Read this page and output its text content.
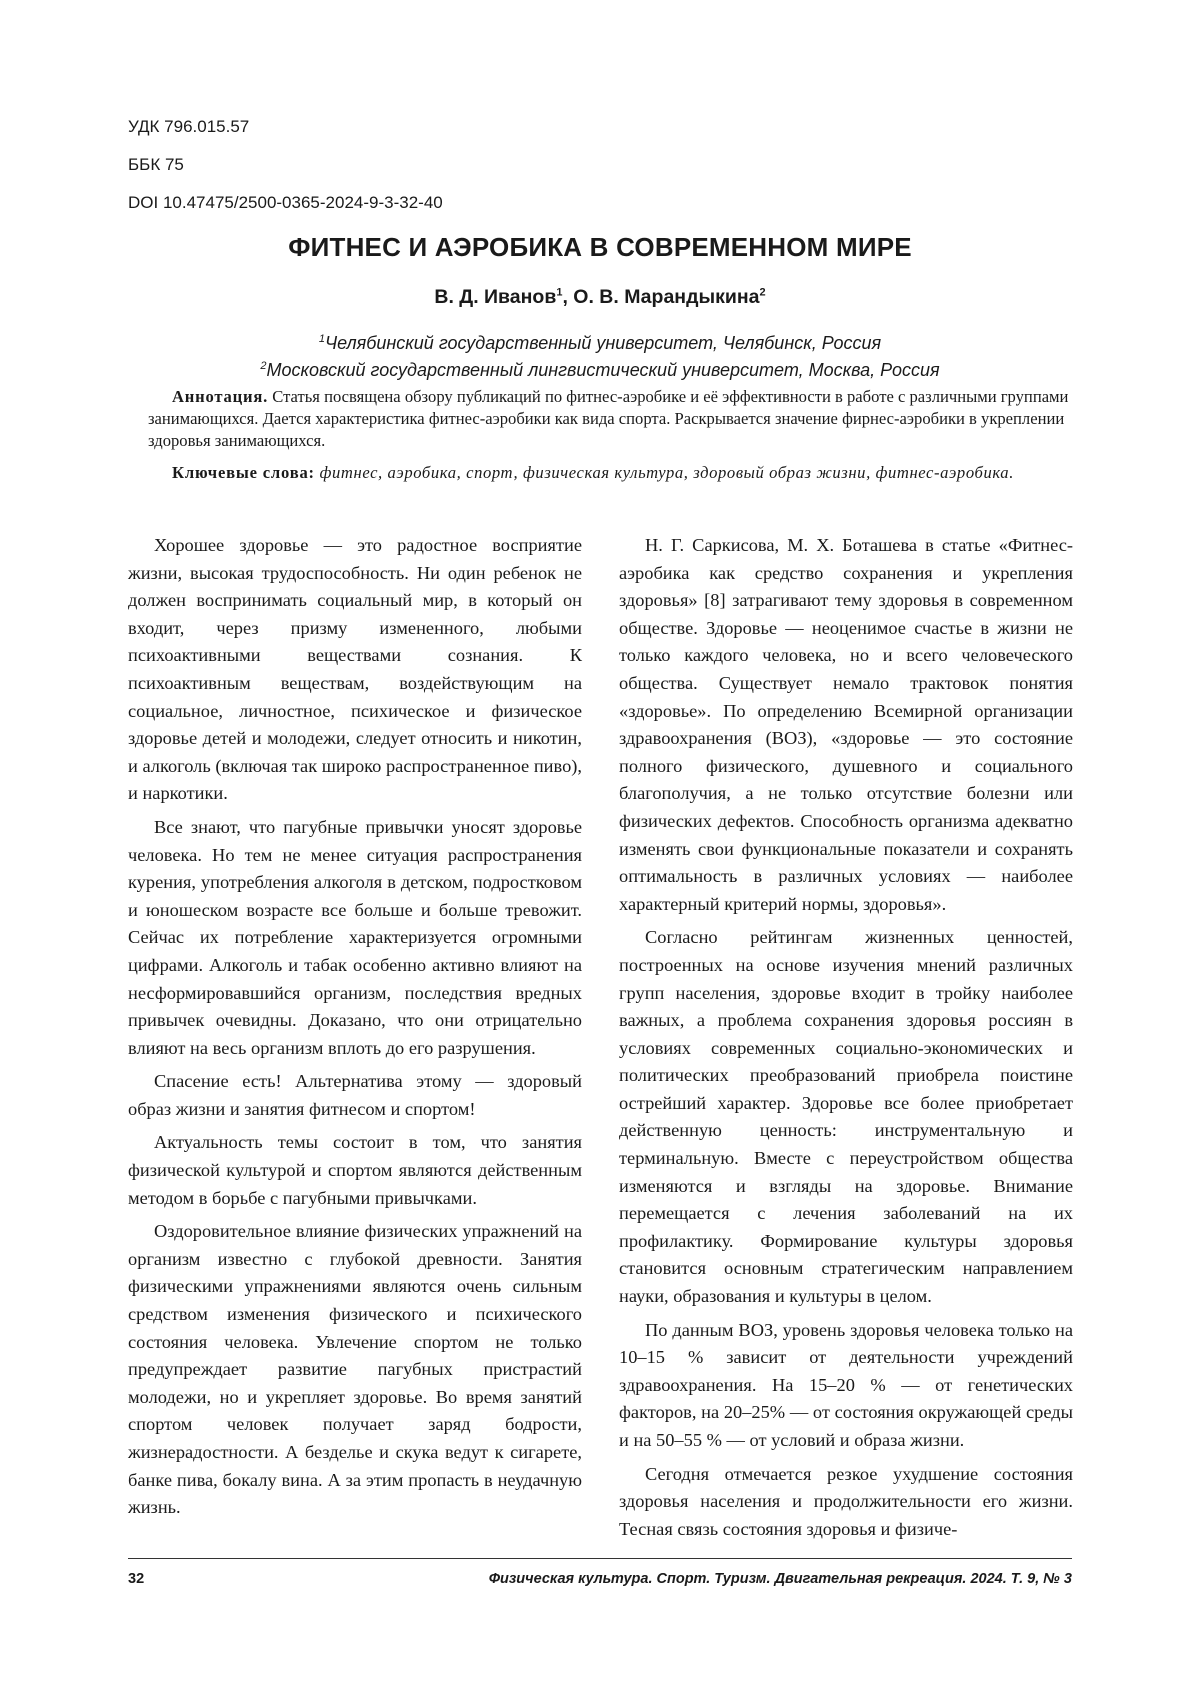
УДК 796.015.57
ББК 75
DOI 10.47475/2500-0365-2024-9-3-32-40
ФИТНЕС И АЭРОБИКА В СОВРЕМЕННОМ МИРЕ
В. Д. Иванов$^1$, О. В. Марандыкина$^2$
$^1$Челябинский государственный университет, Челябинск, Россия
$^2$Московский государственный лингвистический университет, Москва, Россия

Аннотация. Статья посвящена обзору публикаций по фитнес-аэробике и её эффективности в работе с различными группами занимающихся. Дается характеристика фитнес-аэробики как вида спорта. Раскрывается значение фирнес-аэробики в укреплении здоровья занимающихся.

Ключевые слова: фитнес, аэробика, спорт, физическая культура, здоровый образ жизни, фитнес-аэробика.

Хорошее здоровье — это радостное восприятие жизни, высокая трудоспособность. Ни один ребенок не должен воспринимать социальный мир, в который он входит, через призму измененного, любыми психоактивными веществами сознания. К психоактивным веществам, воздействующим на социальное, личностное, психическое и физическое здоровье детей и молодежи, следует относить и никотин, и алкоголь (включая так широко распространенное пиво), и наркотики.

Все знают, что пагубные привычки уносят здоровье человека. Но тем не менее ситуация распространения курения, употребления алкоголя в детском, подростковом и юношеском возрасте все больше и больше тревожит. Сейчас их потребление характеризуется огромными цифрами. Алкоголь и табак особенно активно влияют на несформировавшийся организм, последствия вредных привычек очевидны. Доказано, что они отрицательно влияют на весь организм вплоть до его разрушения.

Спасение есть! Альтернатива этому — здоровый образ жизни и занятия фитнесом и спортом!

Актуальность темы состоит в том, что занятия физической культурой и спортом являются действенным методом в борьбе с пагубными привычками.

Оздоровительное влияние физических упражнений на организм известно с глубокой древности. Занятия физическими упражнениями являются очень сильным средством изменения физического и психического состояния человека. Увлечение спортом не только предупреждает развитие пагубных пристрастий молодежи, но и укрепляет здоровье. Во время занятий спортом человек получает заряд бодрости, жизнерадостности. А безделье и скука ведут к сигарете, банке пива, бокалу вина. А за этим пропасть в неудачную жизнь.

Н. Г. Саркисова, М. Х. Боташева в статье «Фитнес-аэробика как средство сохранения и укрепления здоровья» [8] затрагивают тему здоровья в современном обществе. Здоровье — неоценимое счастье в жизни не только каждого человека, но и всего человеческого общества. Существует немало трактовок понятия «здоровье». По определению Всемирной организации здравоохранения (ВОЗ), «здоровье — это состояние полного физического, душевного и социального благополучия, а не только отсутствие болезни или физических дефектов. Способность организма адекватно изменять свои функциональные показатели и сохранять оптимальность в различных условиях — наиболее характерный критерий нормы, здоровья».

Согласно рейтингам жизненных ценностей, построенных на основе изучения мнений различных групп населения, здоровье входит в тройку наиболее важных, а проблема сохранения здоровья россиян в условиях современных социально-экономических и политических преобразований приобрела поистине острейший характер. Здоровье все более приобретает действенную ценность: инструментальную и терминальную. Вместе с переустройством общества изменяются и взгляды на здоровье. Внимание перемещается с лечения заболеваний на их профилактику. Формирование культуры здоровья становится основным стратегическим направлением науки, образования и культуры в целом.

По данным ВОЗ, уровень здоровья человека только на 10–15 % зависит от деятельности учреждений здравоохранения. На 15–20 % — от генетических факторов, на 20–25% — от состояния окружающей среды и на 50–55 % — от условий и образа жизни.

Сегодня отмечается резкое ухудшение состояния здоровья населения и продолжительности его жизни. Тесная связь состояния здоровья и физиче-

32	Физическая культура. Спорт. Туризм. Двигательная рекреация. 2024. Т. 9, № 3
